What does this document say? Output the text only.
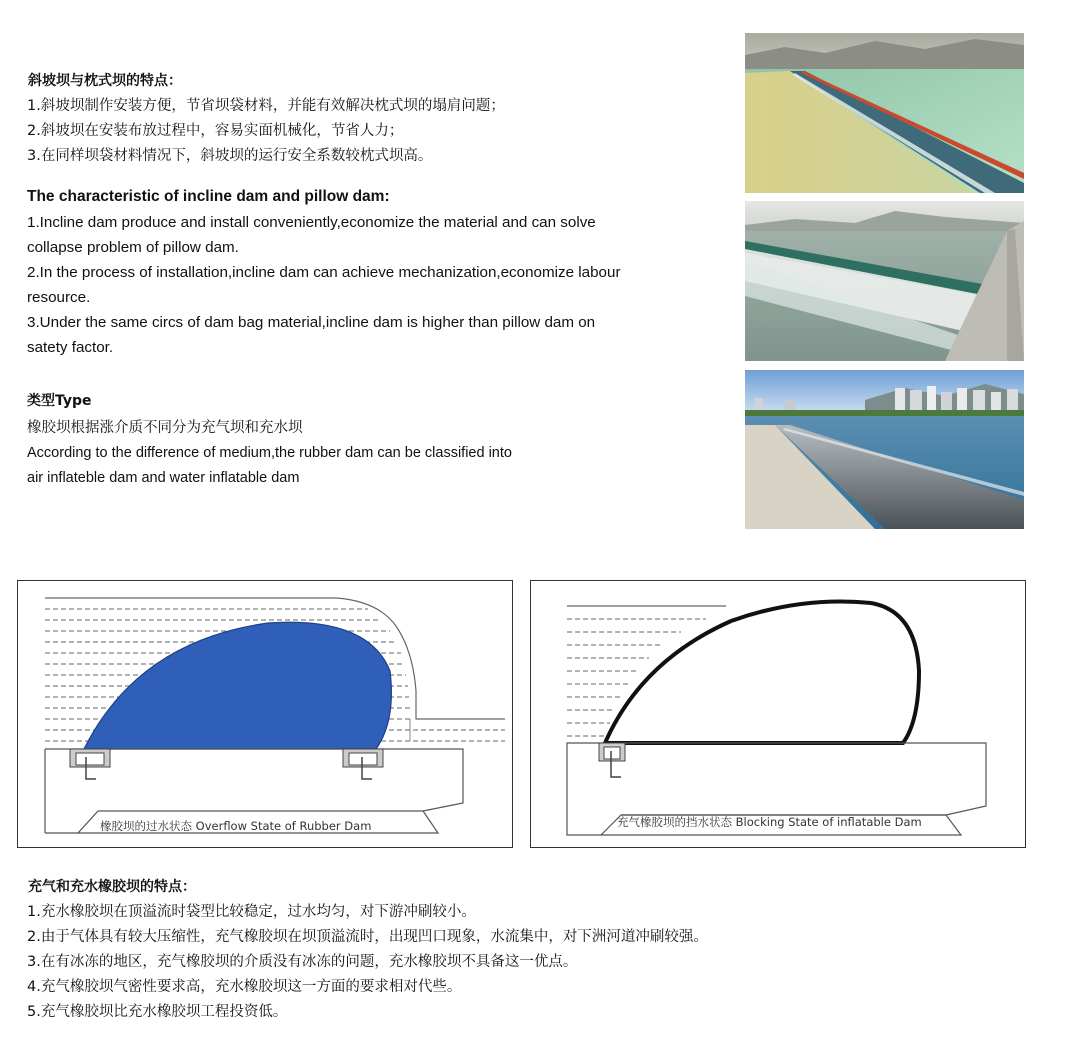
斜坡坝与枕式坝的特点：
1.斜坡坝制作安装方便，节省坝袋材料，并能有效解决枕式坝的塌肩问题；
2.斜坡坝在安装布放过程中，容易实面机械化，节省人力；
3.在同样坝袋材料情况下，斜坡坝的运行安全系数较枕式坝高。
The characteristic of incline dam and pillow dam:
1.Incline dam produce and install conveniently,economize the material and can solve
collapse problem of pillow dam.
2.In the process of installation,incline dam can achieve mechanization,economize labour
resource.
3.Under the same circs of dam bag material,incline dam is higher than pillow dam on
satety factor.
类型Type
橡胶坝根据涨介质不同分为充气坝和充水坝
According to the difference of medium,the rubber dam can be classified into
air inflateble dam and water inflatable dam
橡胶坝的过水状态 Overflow State of Rubber Dam	充气橡胶坝的挡水状态 Blocking State of inflatable Dam
充气和充水橡胶坝的特点：
1.充水橡胶坝在顶溢流时袋型比较稳定，过水均匀，对下游冲刷较小。
2.由于气体具有较大压缩性，充气橡胶坝在坝顶溢流时，出现凹口现象，水流集中，对下洲河道冲刷较强。
3.在有冰冻的地区，充气橡胶坝的介质没有冰冻的问题，充水橡胶坝不具备这一优点。
4.充气橡胶坝气密性要求高，充水橡胶坝这一方面的要求相对代些。
5.充气橡胶坝比充水橡胶坝工程投资低。
